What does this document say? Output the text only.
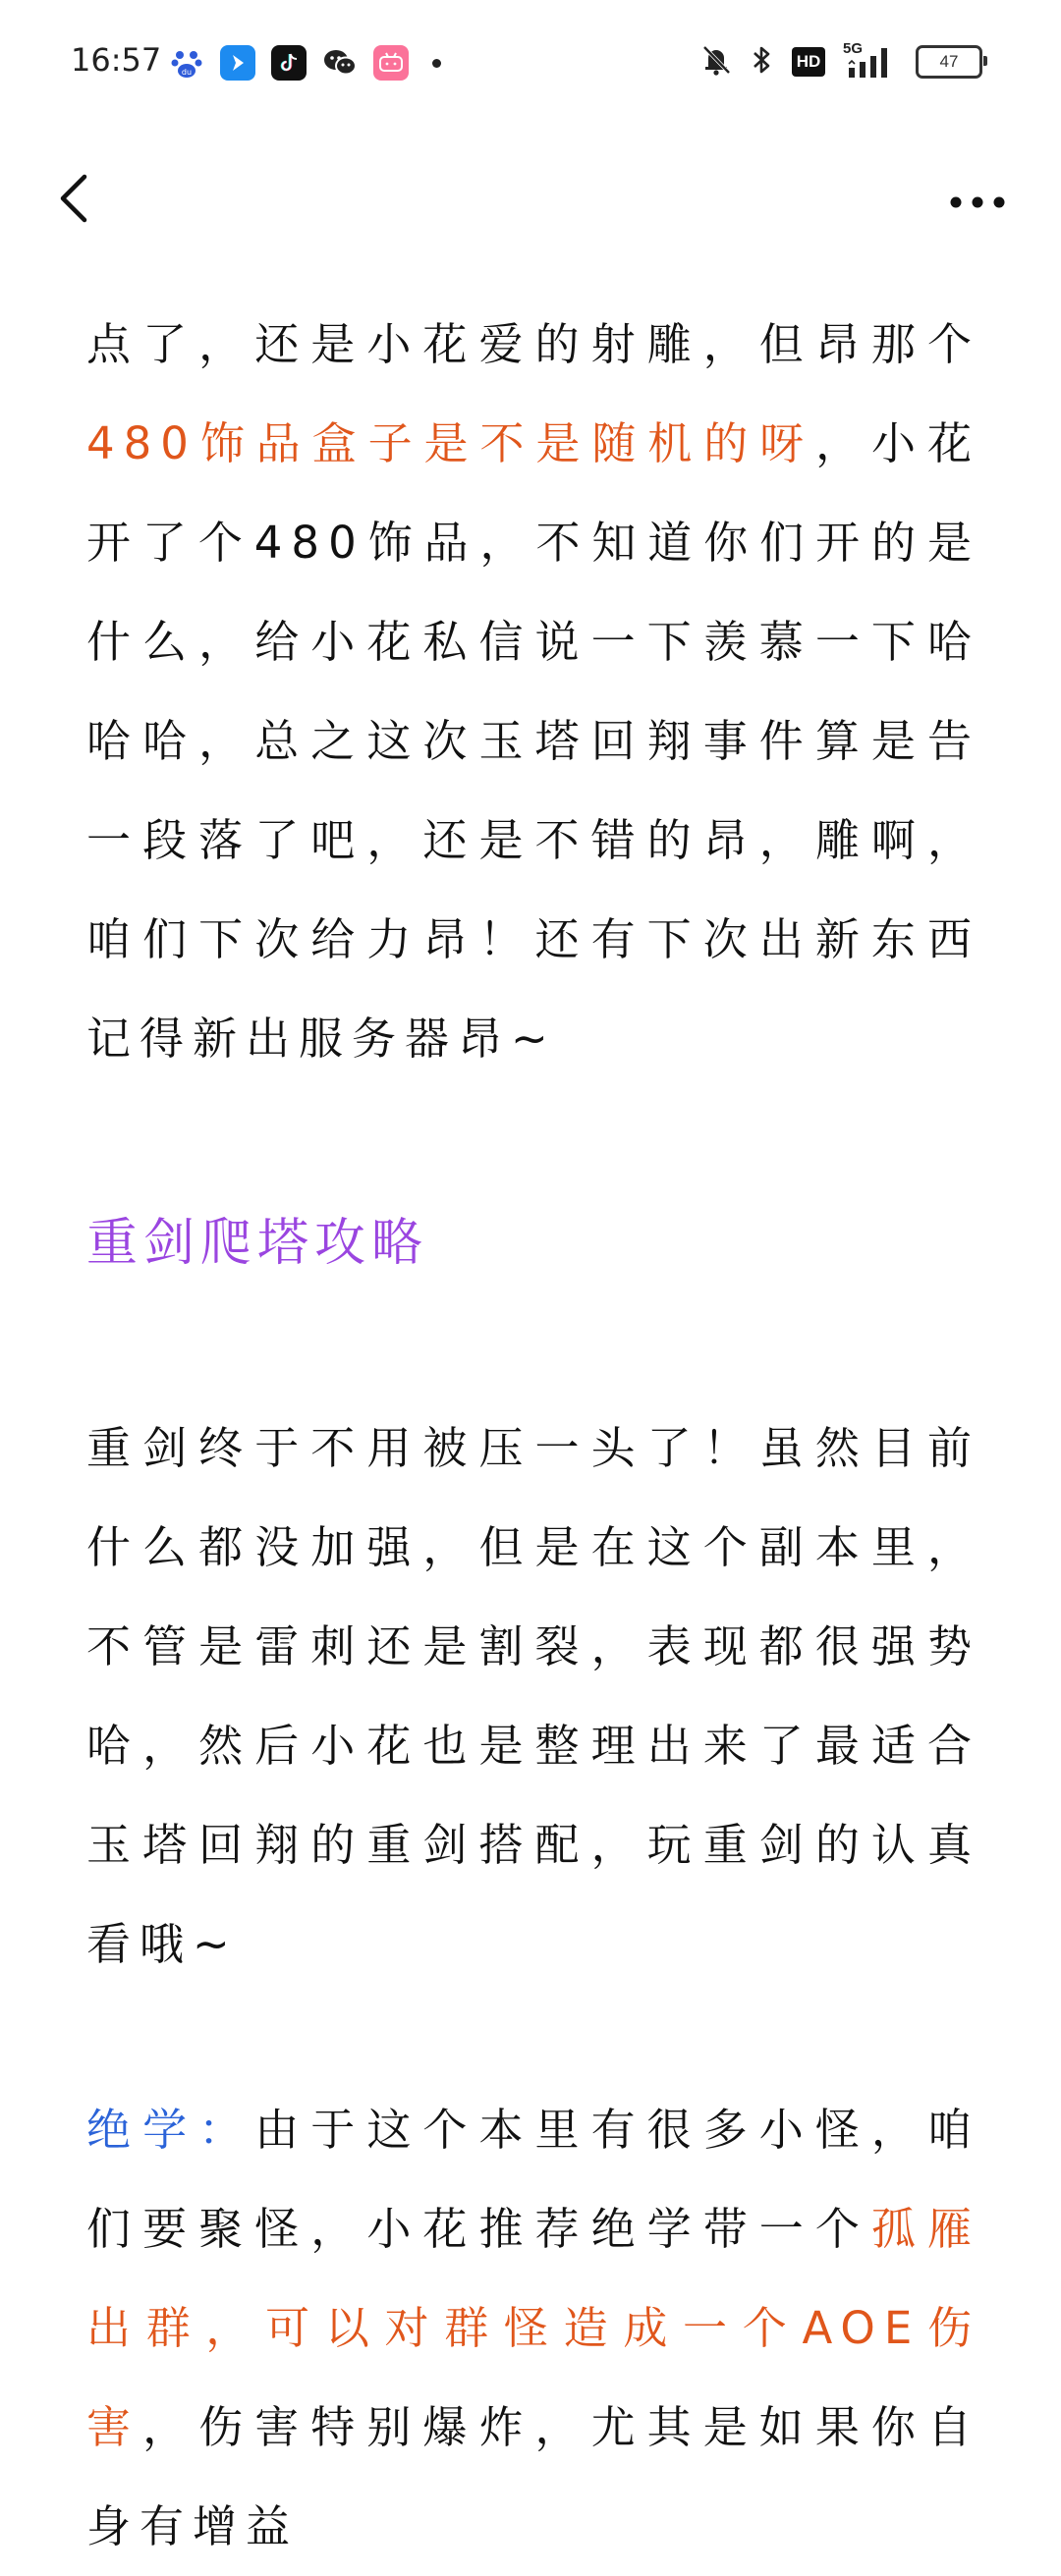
16:57	du
HD
5G
47

点了，还是小花爱的射雕，但昂那个480饰品盒子是不是随机的呀，小花开了个480饰品，不知道你们开的是什么，给小花私信说一下羡慕一下哈哈哈，总之这次玉塔回翔事件算是告一段落了吧，还是不错的昂，雕啊，咱们下次给力昂！还有下次出新东西记得新出服务器昂~

重剑爬塔攻略

重剑终于不用被压一头了！虽然目前什么都没加强，但是在这个副本里，不管是雷刺还是割裂，表现都很强势哈，然后小花也是整理出来了最适合玉塔回翔的重剑搭配，玩重剑的认真看哦~

绝学：由于这个本里有很多小怪，咱们要聚怪，小花推荐绝学带一个孤雁出群，可以对群怪造成一个AOE伤害，伤害特别爆炸，尤其是如果你自身有增益
